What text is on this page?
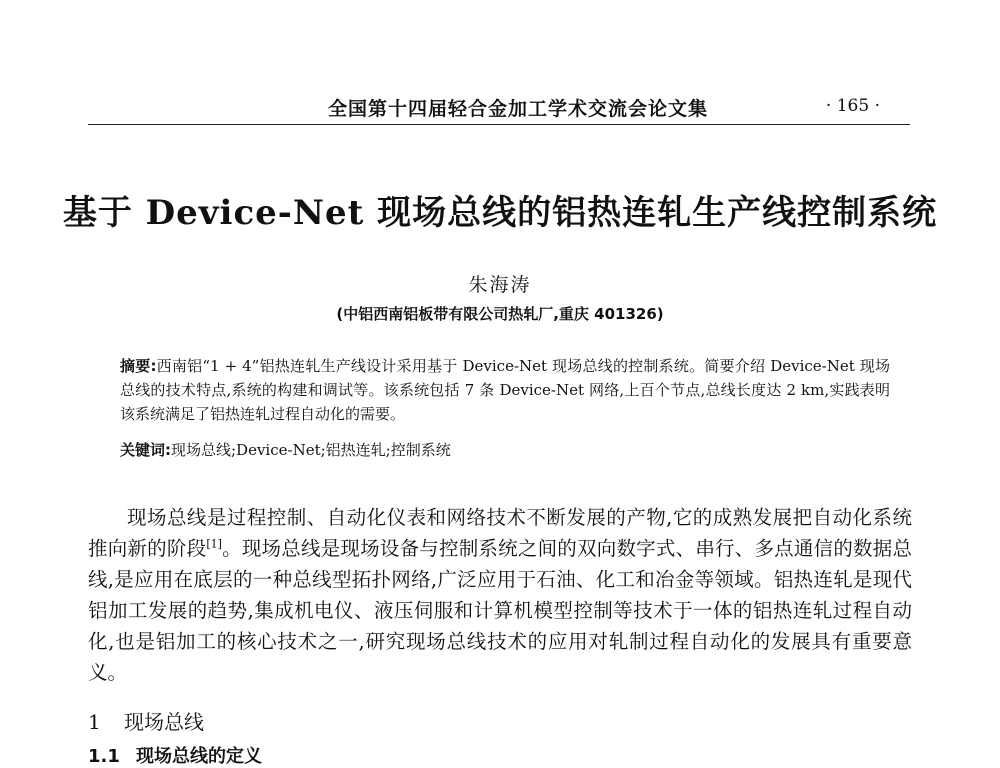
全国第十四届轻合金加工学术交流会论文集	· 165 ·
基于 Device-Net 现场总线的铝热连轧生产线控制系统
朱海涛
(中铝西南铝板带有限公司热轧厂,重庆 401326)
摘要:西南铝“1 + 4”铝热连轧生产线设计采用基于 Device-Net 现场总线的控制系统。简要介绍 Device-Net 现场总线的技术特点,系统的构建和调试等。该系统包括 7 条 Device-Net 网络,上百个节点,总线长度达 2 km,实践表明该系统满足了铝热连轧过程自动化的需要。
关键词:现场总线;Device-Net;铝热连轧;控制系统
现场总线是过程控制、自动化仪表和网络技术不断发展的产物,它的成熟发展把自动化系统推向新的阶段[1]。现场总线是现场设备与控制系统之间的双向数字式、串行、多点通信的数据总线,是应用在底层的一种总线型拓扑网络,广泛应用于石油、化工和冶金等领域。铝热连轧是现代铝加工发展的趋势,集成机电仪、液压伺服和计算机模型控制等技术于一体的铝热连轧过程自动化,也是铝加工的核心技术之一,研究现场总线技术的应用对轧制过程自动化的发展具有重要意义。
1 现场总线
1.1 现场总线的定义
